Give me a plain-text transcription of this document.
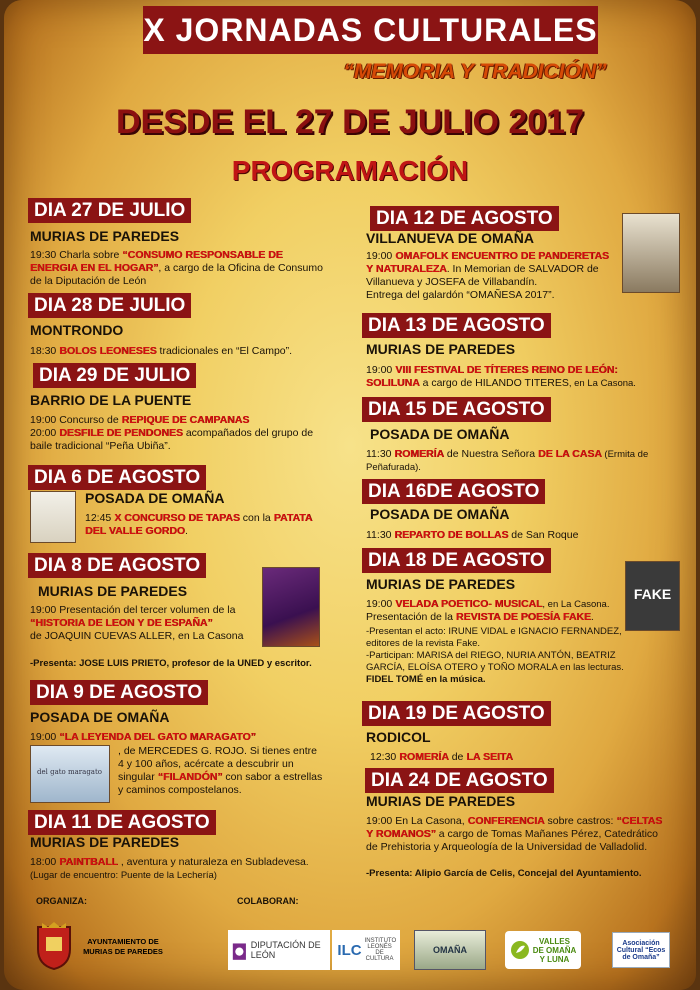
X JORNADAS CULTURALES
“MEMORIA Y TRADICIÓN”
DESDE EL 27 DE JULIO 2017
PROGRAMACIÓN
DIA 27 DE JULIO
MURIAS DE PAREDES
19:30 Charla sobre “CONSUMO RESPONSABLE DE ENERGIA EN EL HOGAR”, a cargo de la Oficina de Consumo de la Diputación de León
DIA 28 DE JULIO
MONTRONDO
18:30 BOLOS LEONESES tradicionales en “El Campo”.
DIA 29 DE JULIO
BARRIO DE LA PUENTE
19:00 Concurso de REPIQUE DE CAMPANAS
20:00 DESFILE DE PENDONES acompañados del grupo de baile tradicional “Peña Ubiña”.
DIA 6 DE AGOSTO
POSADA DE OMAÑA
12:45 X CONCURSO DE TAPAS con la PATATA DEL VALLE GORDO.
DIA 8 DE AGOSTO
MURIAS DE PAREDES
19:00 Presentación del tercer volumen de la “HISTORIA DE LEON Y DE ESPAÑA”
de JOAQUIN CUEVAS ALLER, en La Casona
-Presenta: JOSE LUIS PRIETO, profesor de la UNED y escritor.
DIA 9 DE AGOSTO
POSADA DE OMAÑA
19:00 “LA LEYENDA DEL GATO MARAGATO”
del gato maragato
, de MERCEDES G. ROJO. Si tienes entre 4 y 100 años, acércate a descubrir un singular “FILANDÓN” con sabor a estrellas y caminos compostelanos.
DIA 11 DE AGOSTO
MURIAS DE PAREDES
18:00 PAINTBALL , aventura y naturaleza en Subladevesa. (Lugar de encuentro: Puente de la Lechería)
DIA 12 DE AGOSTO
VILLANUEVA DE OMAÑA
19:00 OMAFOLK ENCUENTRO DE PANDERETAS Y NATURALEZA. In Memorian de SALVADOR de Villanueva y JOSEFA de Villabandín.
Entrega del galardón “OMAÑESA 2017”.
DIA 13 DE AGOSTO
MURIAS DE PAREDES
19:00 VIII FESTIVAL DE TÍTERES REINO DE LEÓN: SOLILUNA a cargo de HILANDO TITERES, en La Casona.
DIA 15 DE AGOSTO
POSADA DE OMAÑA
11:30 ROMERÍA de Nuestra Señora DE LA CASA (Ermita de Peñafurada).
DIA 16DE AGOSTO
POSADA DE OMAÑA
11:30 REPARTO DE BOLLAS de San Roque
DIA 18 DE AGOSTO
FAKE
MURIAS DE PAREDES
19:00 VELADA POETICO- MUSICAL, en La Casona.
Presentación de la REVISTA DE POESÍA FAKE.
-Presentan el acto: IRUNE VIDAL e IGNACIO FERNANDEZ, editores de la revista Fake.
-Participan: MARISA del RIEGO, NURIA ANTÓN, BEATRIZ GARCÍA, ELOÍSA OTERO y TOÑO MORALA en las lecturas.
FIDEL TOMÉ en la música.
DIA 19 DE AGOSTO
RODICOL
12:30 ROMERÍA de LA SEITA
DIA 24 DE AGOSTO
MURIAS DE PAREDES
19:00 En La Casona, CONFERENCIA sobre castros: “CELTAS Y ROMANOS” a cargo de Tomas Mañanes Pérez, Catedrático de Prehistoria y Arqueología de la Universidad de Valladolid.
-Presenta: Alipio García de Celis, Concejal del Ayuntamiento.
ORGANIZA:	COLABORAN:
AYUNTAMIENTO DE MURIAS DE PAREDES
DIPUTACIÓN DE LEÓN	ILC
INSTITUTO LEONÉS DE CULTURA
OMAÑA
VALLES DE OMAÑA Y LUNA
Asociación Cultural “Ecos de Omaña”
